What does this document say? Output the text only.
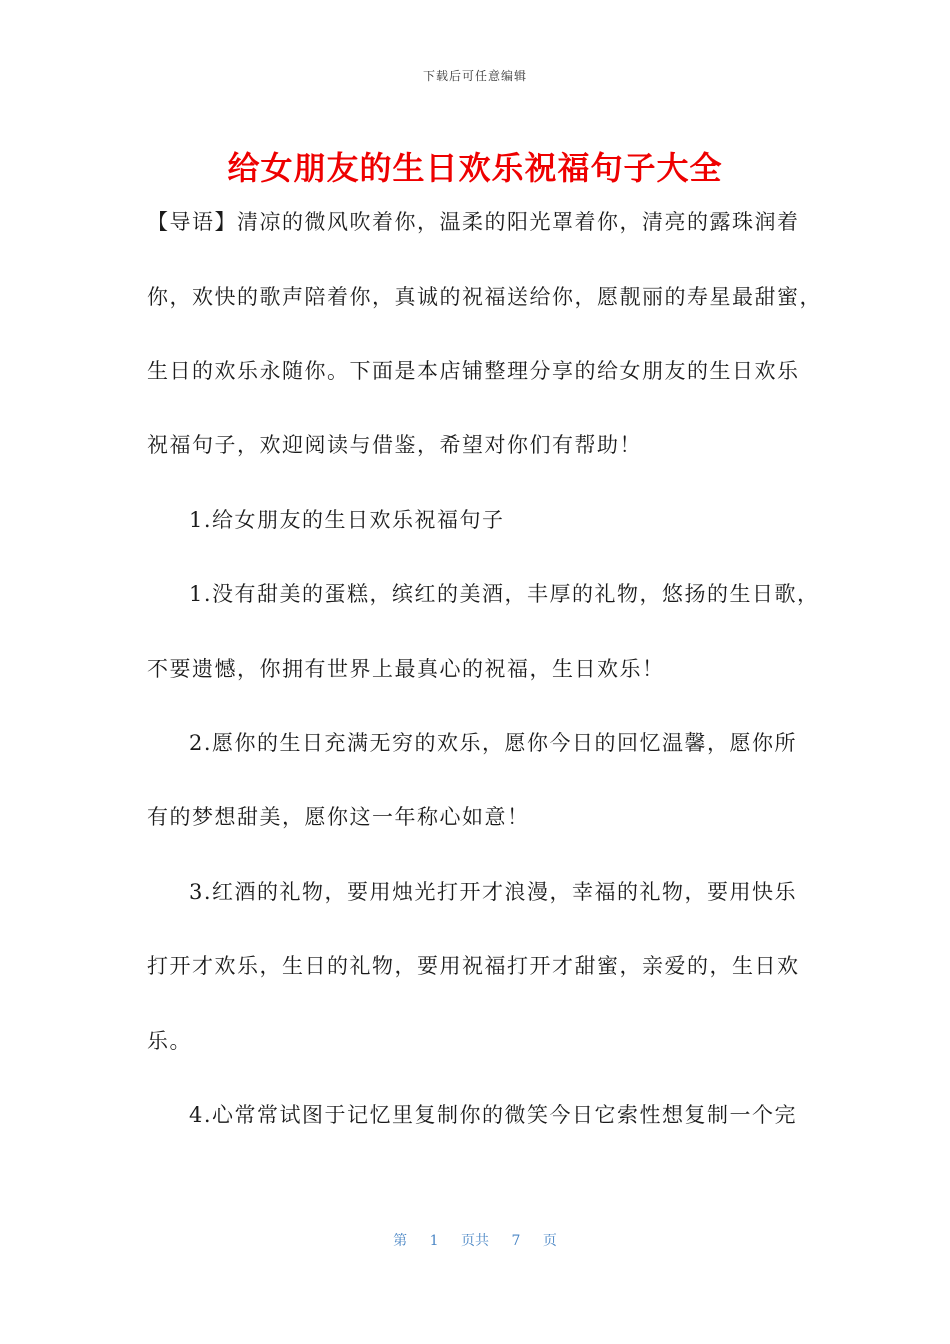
下载后可任意编辑
给女朋友的生日欢乐祝福句子大全
【导语】清凉的微风吹着你，温柔的阳光罩着你，清亮的露珠润着
你，欢快的歌声陪着你，真诚的祝福送给你，愿靓丽的寿星最甜蜜，
生日的欢乐永随你。下面是本店铺整理分享的给女朋友的生日欢乐
祝福句子，欢迎阅读与借鉴，希望对你们有帮助！
1.给女朋友的生日欢乐祝福句子
1.没有甜美的蛋糕，缤红的美酒，丰厚的礼物，悠扬的生日歌，
不要遗憾，你拥有世界上最真心的祝福，生日欢乐！
2.愿你的生日充满无穷的欢乐，愿你今日的回忆温馨，愿你所
有的梦想甜美，愿你这一年称心如意！
3.红酒的礼物，要用烛光打开才浪漫，幸福的礼物，要用快乐
打开才欢乐，生日的礼物，要用祝福打开才甜蜜，亲爱的，生日欢
乐。
4.心常常试图于记忆里复制你的微笑今日它索性想复制一个完
第 1 页共 7 页
